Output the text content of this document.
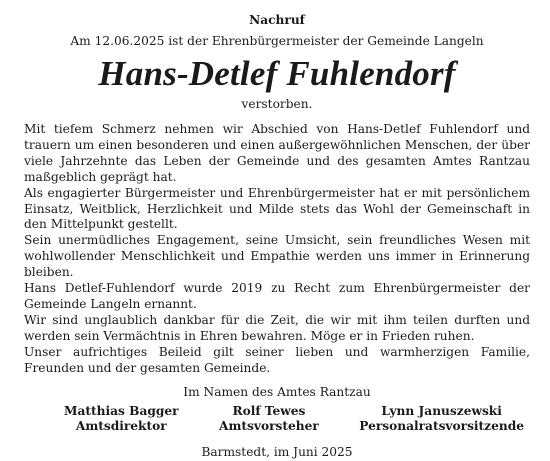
Nachruf

Am 12.06.2025 ist der Ehrenbürgermeister der Gemeinde Langeln

Hans-Detlef Fuhlendorf

verstorben.

Mit tiefem Schmerz nehmen wir Abschied von Hans-Detlef Fuhlendorf und trauern um einen besonderen und einen außergewöhnlichen Menschen, der über viele Jahrzehnte das Leben der Gemeinde und des gesamten Amtes Rantzau maßgeblich geprägt hat.

Als engagierter Bürgermeister und Ehrenbürgermeister hat er mit persönlichem Einsatz, Weitblick, Herzlichkeit und Milde stets das Wohl der Gemeinschaft in den Mittelpunkt gestellt.

Sein unermüdliches Engagement, seine Umsicht, sein freundliches Wesen mit wohlwollender Menschlichkeit und Empathie werden uns immer in Erinnerung bleiben.

Hans Detlef-Fuhlendorf wurde 2019 zu Recht zum Ehrenbürgermeister der Gemeinde Langeln ernannt.

Wir sind unglaublich dankbar für die Zeit, die wir mit ihm teilen durften und werden sein Vermächtnis in Ehren bewahren. Möge er in Frieden ruhen.

Unser aufrichtiges Beileid gilt seiner lieben und warmherzigen Familie, Freunden und der gesamten Gemeinde.

Im Namen des Amtes Rantzau

Matthias Bagger
Amtsdirektor
Rolf Tewes
Amtsvorsteher
Lynn Januszewski
Personalratsvorsitzende

Barmstedt, im Juni 2025
